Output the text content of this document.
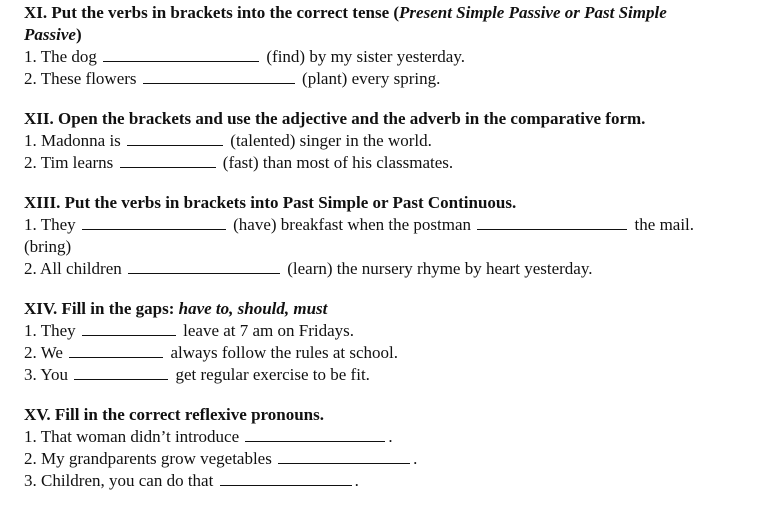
XI. Put the verbs in brackets into the correct tense (Present Simple Passive or Past Simple
Passive)
1. The dog	(find) by my sister yesterday.
2. These flowers	(plant) every spring.
XII. Open the brackets and use the adjective and the adverb in the comparative form.
1. Madonna is	(talented) singer in the world.
2. Tim learns	(fast) than most of his classmates.
XIII. Put the verbs in brackets into Past Simple or Past Continuous.
1. They	(have) breakfast when the postman	the mail.
(bring)
2. All children	(learn) the nursery rhyme by heart yesterday.
XIV. Fill in the gaps: have to, should, must
1. They	leave at 7 am on Fridays.
2. We	always follow the rules at school.
3. You	get regular exercise to be fit.
XV. Fill in the correct reflexive pronouns.
1. That woman didn’t introduce	.
2. My grandparents grow vegetables	.
3. Children, you can do that	.
